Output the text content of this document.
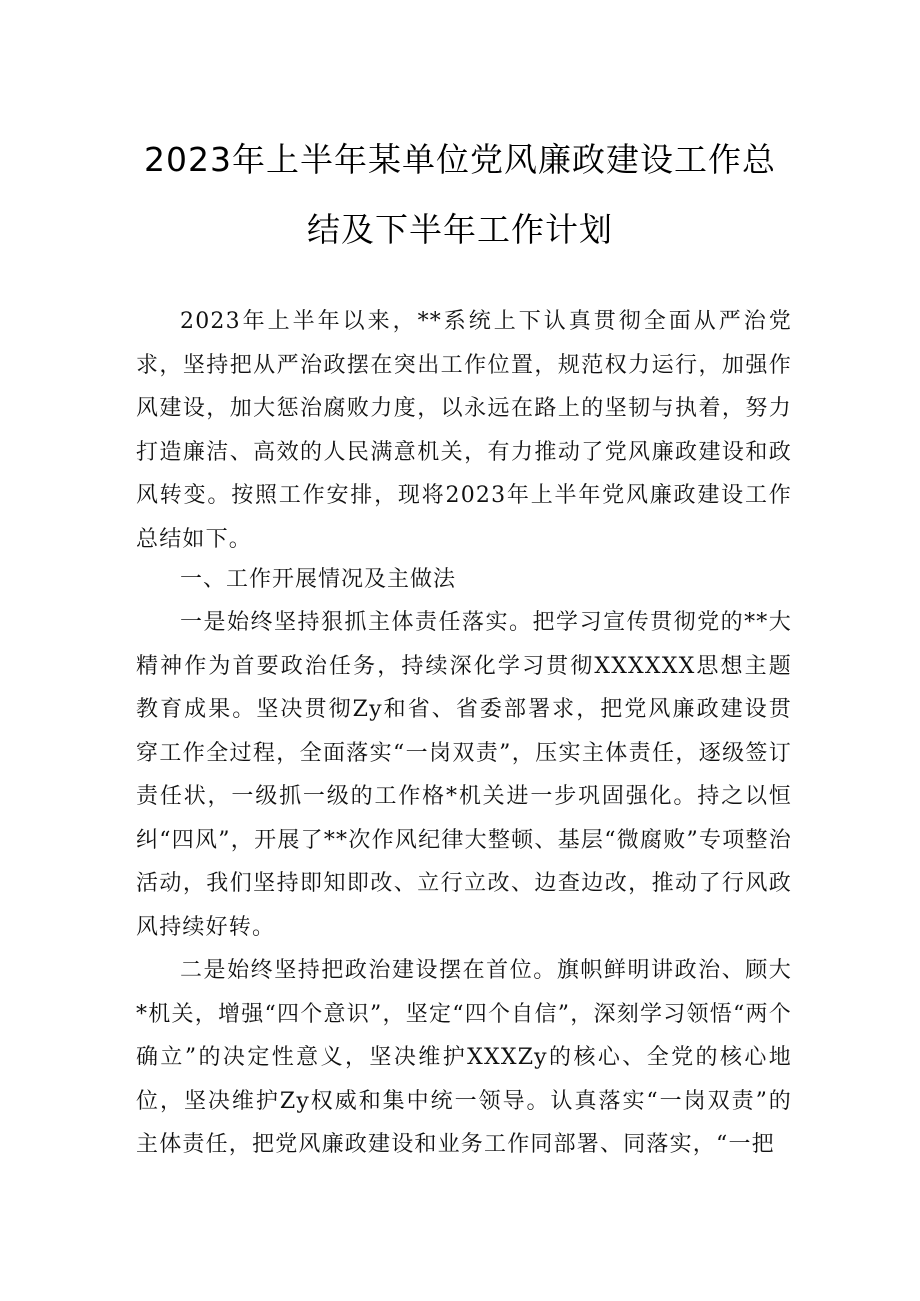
2023年上半年某单位党风廉政建设工作总
结及下半年工作计划

2023年上半年以来，**系统上下认真贯彻全面从严治党求，坚持把从严治政摆在突出工作位置，规范权力运行，加强作风建设，加大惩治腐败力度，以永远在路上的坚韧与执着，努力打造廉洁、高效的人民满意机关，有力推动了党风廉政建设和政风转变。按照工作安排，现将2023年上半年党风廉政建设工作总结如下。

一、工作开展情况及主做法

一是始终坚持狠抓主体责任落实。把学习宣传贯彻党的**大精神作为首要政治任务，持续深化学习贯彻XXXXXX思想主题教育成果。坚决贯彻Zy和省、省委部署求，把党风廉政建设贯穿工作全过程，全面落实“一岗双责”，压实主体责任，逐级签订责任状，一级抓一级的工作格*机关进一步巩固强化。持之以恒纠“四风”，开展了**次作风纪律大整顿、基层“微腐败”专项整治活动，我们坚持即知即改、立行立改、边查边改，推动了行风政风持续好转。

二是始终坚持把政治建设摆在首位。旗帜鲜明讲政治、顾大*机关，增强“四个意识”，坚定“四个自信”，深刻学习领悟“两个确立”的决定性意义，坚决维护XXXZy的核心、全党的核心地位，坚决维护Zy权威和集中统一领导。认真落实“一岗双责”的主体责任，把党风廉政建设和业务工作同部署、同落实，“一把
